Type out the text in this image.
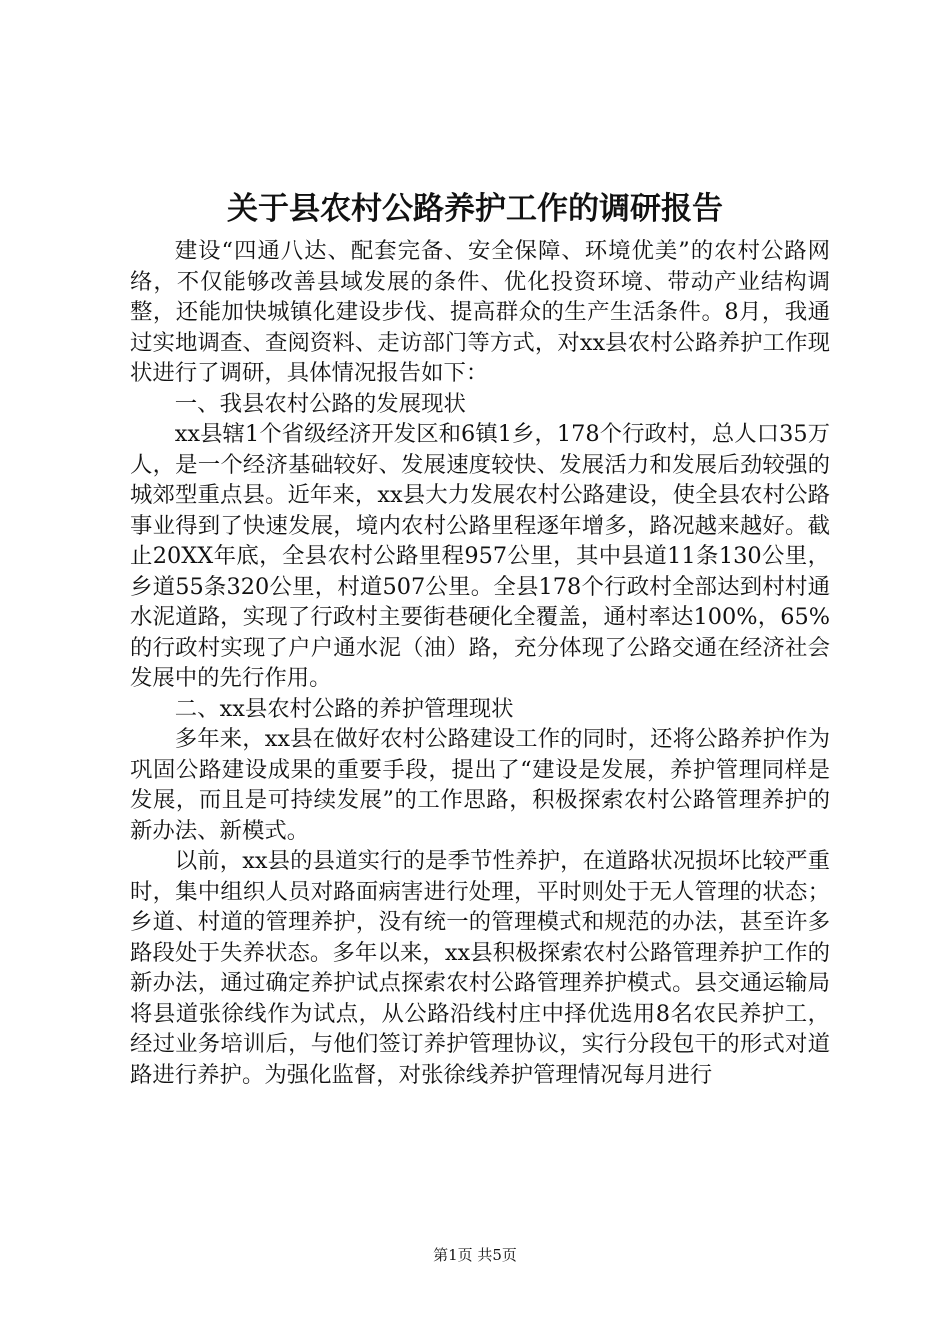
关于县农村公路养护工作的调研报告

建设“四通八达、配套完备、安全保障、环境优美”的农村公路网络，不仅能够改善县域发展的条件、优化投资环境、带动产业结构调整，还能加快城镇化建设步伐、提高群众的生产生活条件。8月，我通过实地调查、查阅资料、走访部门等方式，对xx县农村公路养护工作现状进行了调研，具体情况报告如下：

一、我县农村公路的发展现状

xx县辖1个省级经济开发区和6镇1乡，178个行政村，总人口35万人，是一个经济基础较好、发展速度较快、发展活力和发展后劲较强的城郊型重点县。近年来，xx县大力发展农村公路建设，使全县农村公路事业得到了快速发展，境内农村公路里程逐年增多，路况越来越好。截止20XX年底，全县农村公路里程957公里，其中县道11条130公里，乡道55条320公里，村道507公里。全县178个行政村全部达到村村通水泥道路，实现了行政村主要街巷硬化全覆盖，通村率达100%，65%的行政村实现了户户通水泥（油）路，充分体现了公路交通在经济社会发展中的先行作用。

二、xx县农村公路的养护管理现状

多年来，xx县在做好农村公路建设工作的同时，还将公路养护作为巩固公路建设成果的重要手段，提出了“建设是发展，养护管理同样是发展，而且是可持续发展”的工作思路，积极探索农村公路管理养护的新办法、新模式。

以前，xx县的县道实行的是季节性养护，在道路状况损坏比较严重时，集中组织人员对路面病害进行处理，平时则处于无人管理的状态；乡道、村道的管理养护，没有统一的管理模式和规范的办法，甚至许多路段处于失养状态。多年以来，xx县积极探索农村公路管理养护工作的新办法，通过确定养护试点探索农村公路管理养护模式。县交通运输局将县道张徐线作为试点，从公路沿线村庄中择优选用8名农民养护工，经过业务培训后，与他们签订养护管理协议，实行分段包干的形式对道路进行养护。为强化监督，对张徐线养护管理情况每月进行

第1页 共5页
